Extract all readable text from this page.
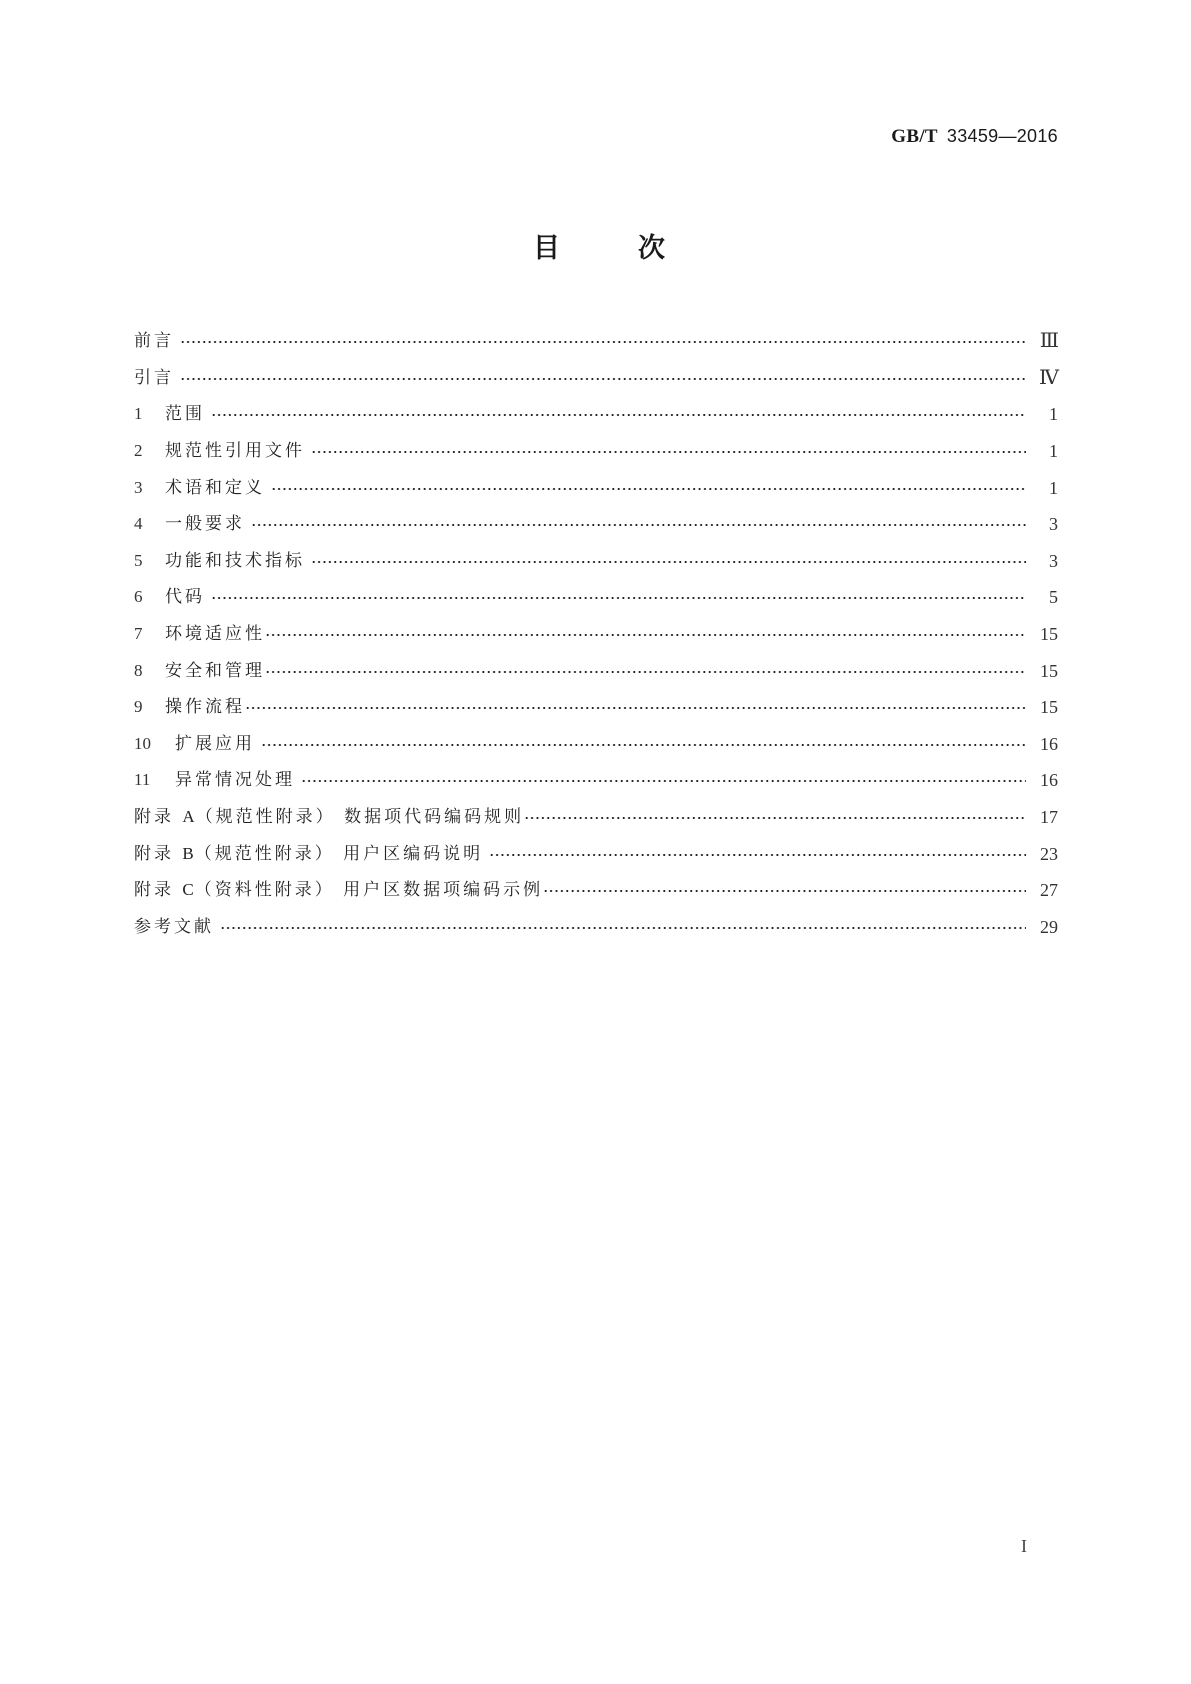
GB/T 33459—2016
目	次
前言	Ⅲ
引言	Ⅳ
1	范围	1
2	规范性引用文件	1
3	术语和定义	1
4	一般要求	3
5	功能和技术指标	3
6	代码	5
7	环境适应性	15
8	安全和管理	15
9	操作流程	15
10	扩展应用	16
11	异常情况处理	16
附录 A（规范性附录） 数据项代码编码规则	17
附录 B（规范性附录） 用户区编码说明	23
附录 C（资料性附录） 用户区数据项编码示例	27
参考文献	29
I
